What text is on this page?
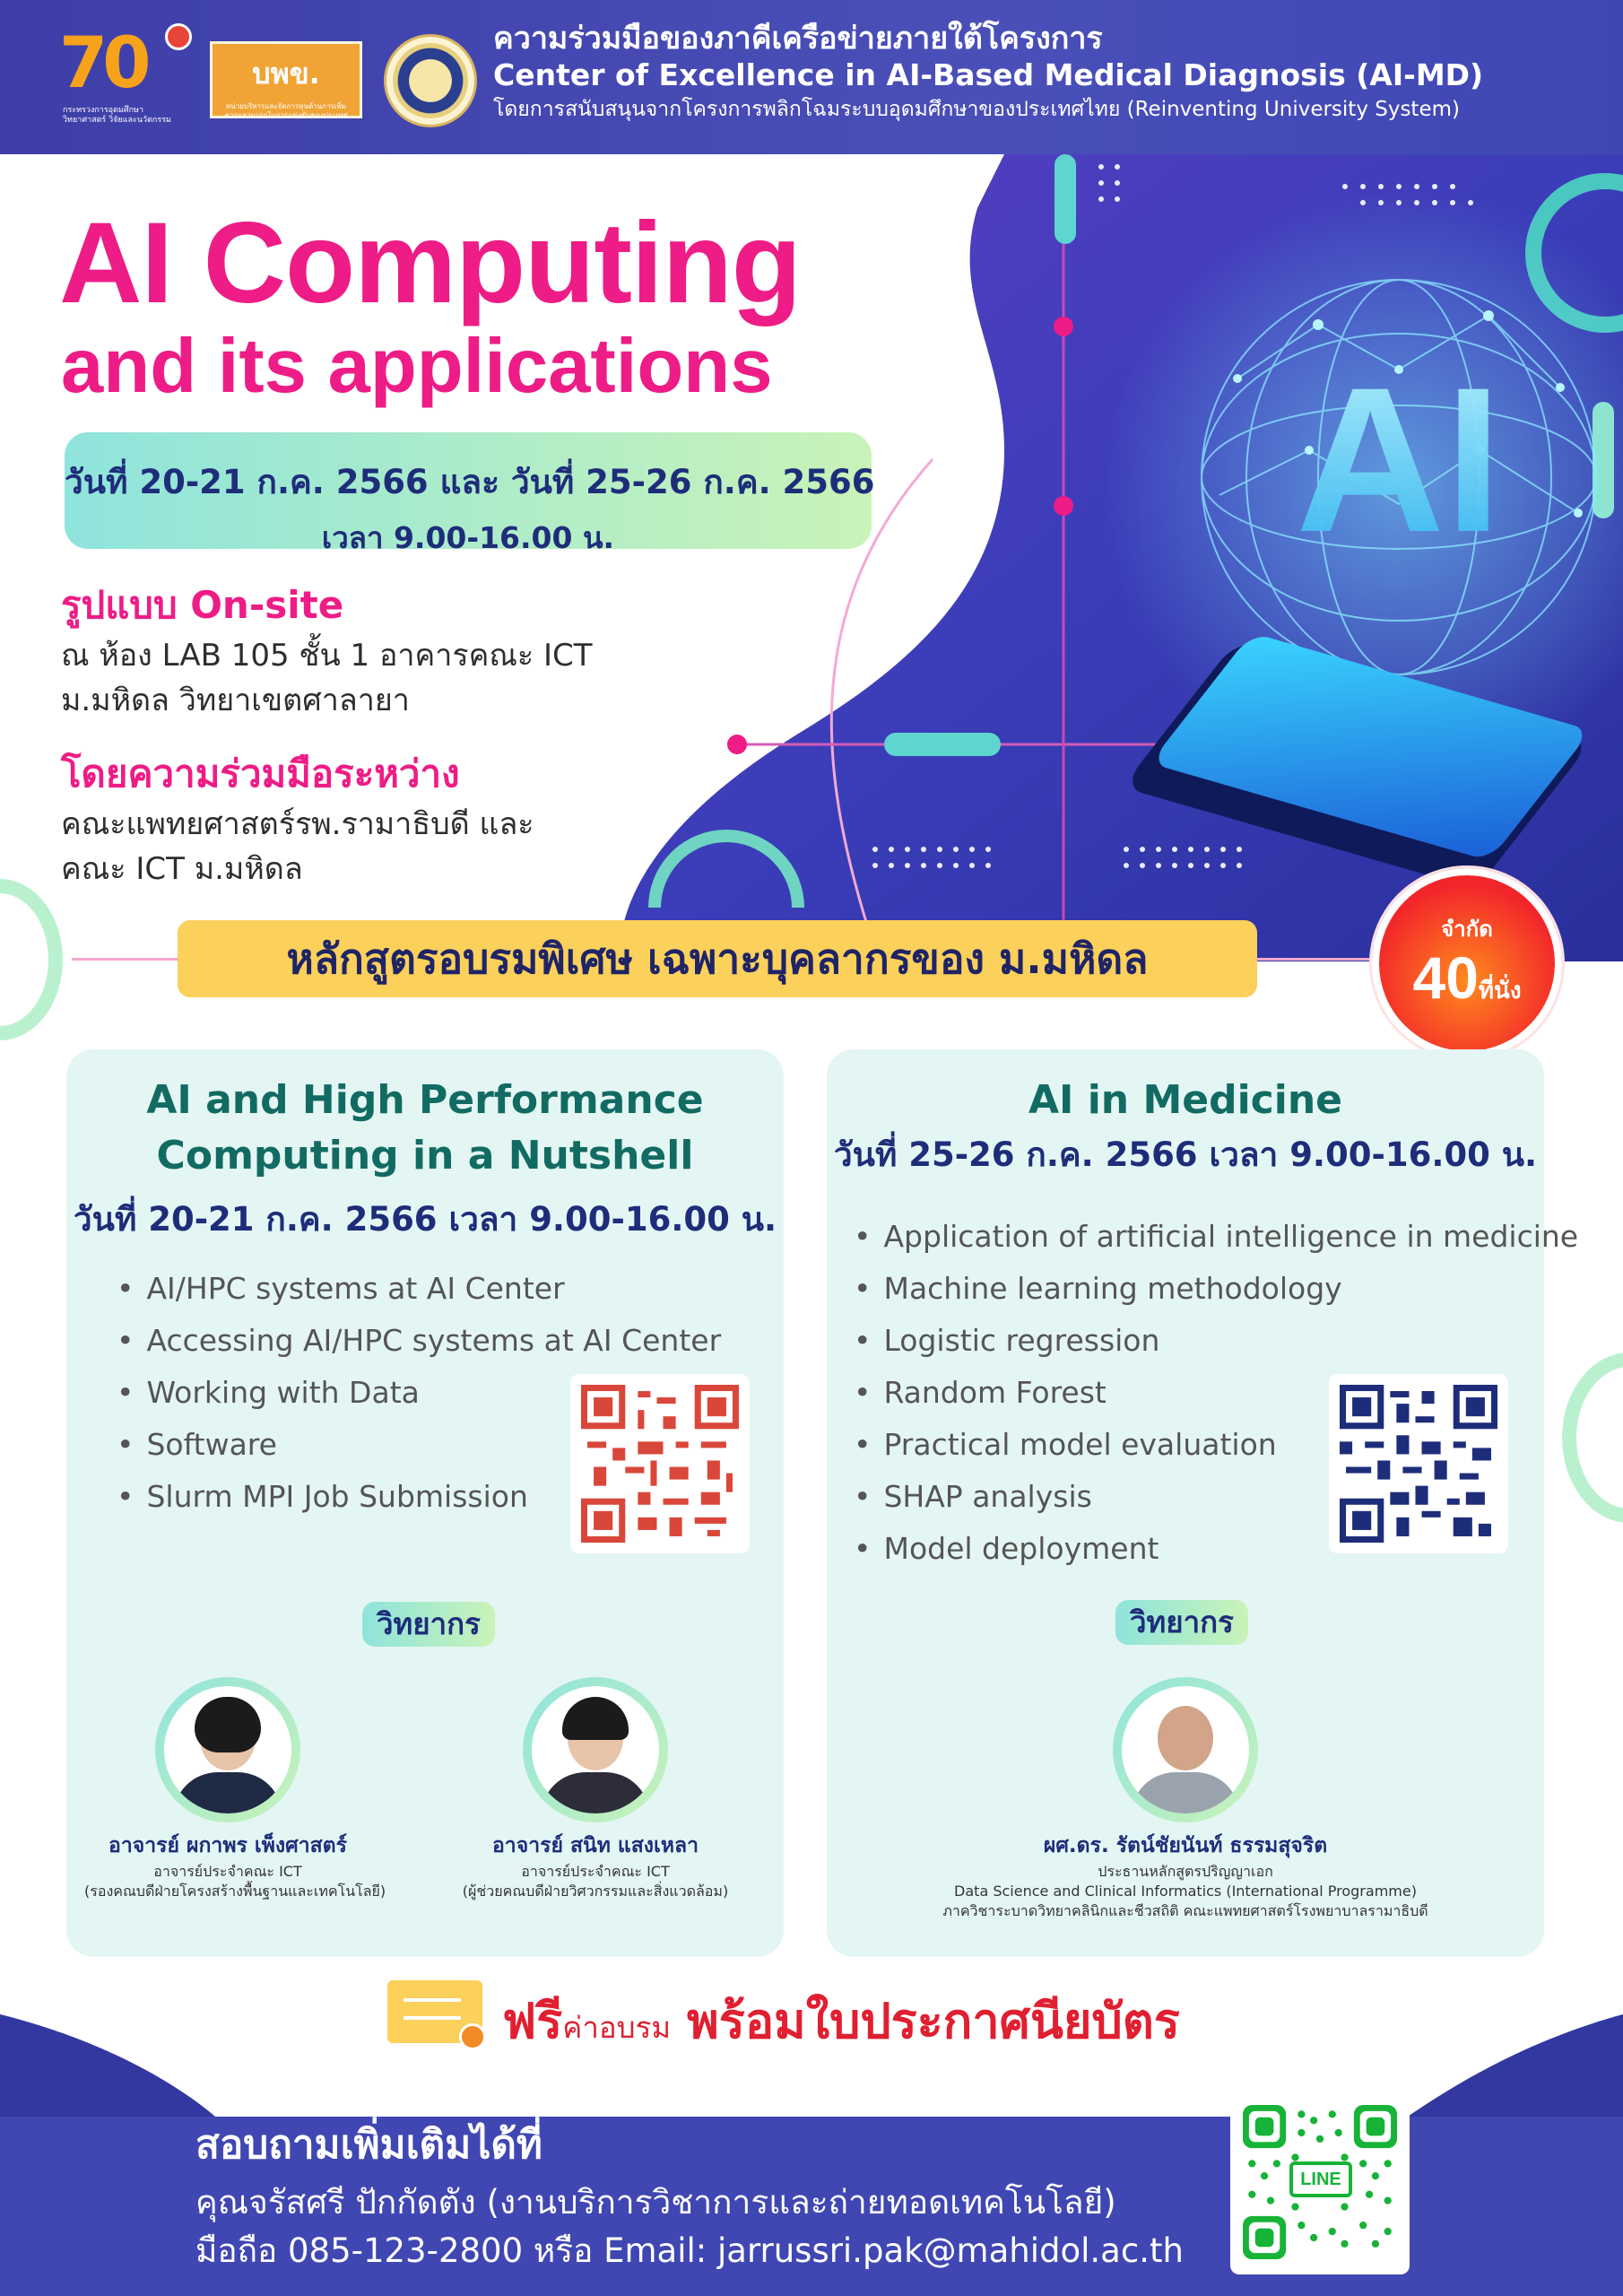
70
กระทรวงการอุดมศึกษา วิทยาศาสตร์ วิจัยและนวัตกรรม
บพข.
หน่วยบริหารและจัดการทุนด้านการเพิ่มความสามารถในการแข่งขันของประเทศ
ความร่วมมือของภาคีเครือข่ายภายใต้โครงการ
Center of Excellence in AI-Based Medical Diagnosis (AI-MD)
โดยการสนับสนุนจากโครงการพลิกโฉมระบบอุดมศึกษาของประเทศไทย (Reinventing University System)
AI
AI Computing
and its applications
วันที่ 20-21 ก.ค. 2566 และ วันที่ 25-26 ก.ค. 2566
เวลา 9.00-16.00 น.
รูปแบบ On-site
ณ ห้อง LAB 105 ชั้น 1 อาคารคณะ ICT
ม.มหิดล วิทยาเขตศาลายา
โดยความร่วมมือระหว่าง
คณะแพทยศาสตร์รพ.รามาธิบดี และ
คณะ ICT ม.มหิดล
หลักสูตรอบรมพิเศษ เฉพาะบุคลากรของ ม.มหิดล
จำกัด
40ที่นั่ง
AI and High Performance
Computing in a Nutshell
วันที่ 20-21 ก.ค. 2566 เวลา 9.00-16.00 น.
• AI/HPC systems at AI Center
• Accessing AI/HPC systems at AI Center
• Working with Data
• Software
• Slurm MPI Job Submission
วิทยากร
อาจารย์ ผกาพร เพ็งศาสตร์
อาจารย์ประจำคณะ ICT
(รองคณบดีฝ่ายโครงสร้างพื้นฐานและเทคโนโลยี)
อาจารย์ สนิท แสงเหลา
อาจารย์ประจำคณะ ICT
(ผู้ช่วยคณบดีฝ่ายวิศวกรรมและสิ่งแวดล้อม)
AI in Medicine
วันที่ 25-26 ก.ค. 2566 เวลา 9.00-16.00 น.
• Application of artificial intelligence in medicine
• Machine learning methodology
• Logistic regression
• Random Forest
• Practical model evaluation
• SHAP analysis
• Model deployment
วิทยากร
ผศ.ดร. รัตน์ชัยนันท์ ธรรมสุจริต
ประธานหลักสูตรปริญญาเอก
Data Science and Clinical Informatics (International Programme)
ภาควิชาระบาดวิทยาคลินิกและชีวสถิติ คณะแพทยศาสตร์โรงพยาบาลรามาธิบดี
ฟรีค่าอบรม พร้อมใบประกาศนียบัตร
สอบถามเพิ่มเติมได้ที่
คุณจรัสศรี ปักกัดตัง (งานบริการวิชาการและถ่ายทอดเทคโนโลยี)
มือถือ 085-123-2800 หรือ Email: jarrussri.pak@mahidol.ac.th
LINE
